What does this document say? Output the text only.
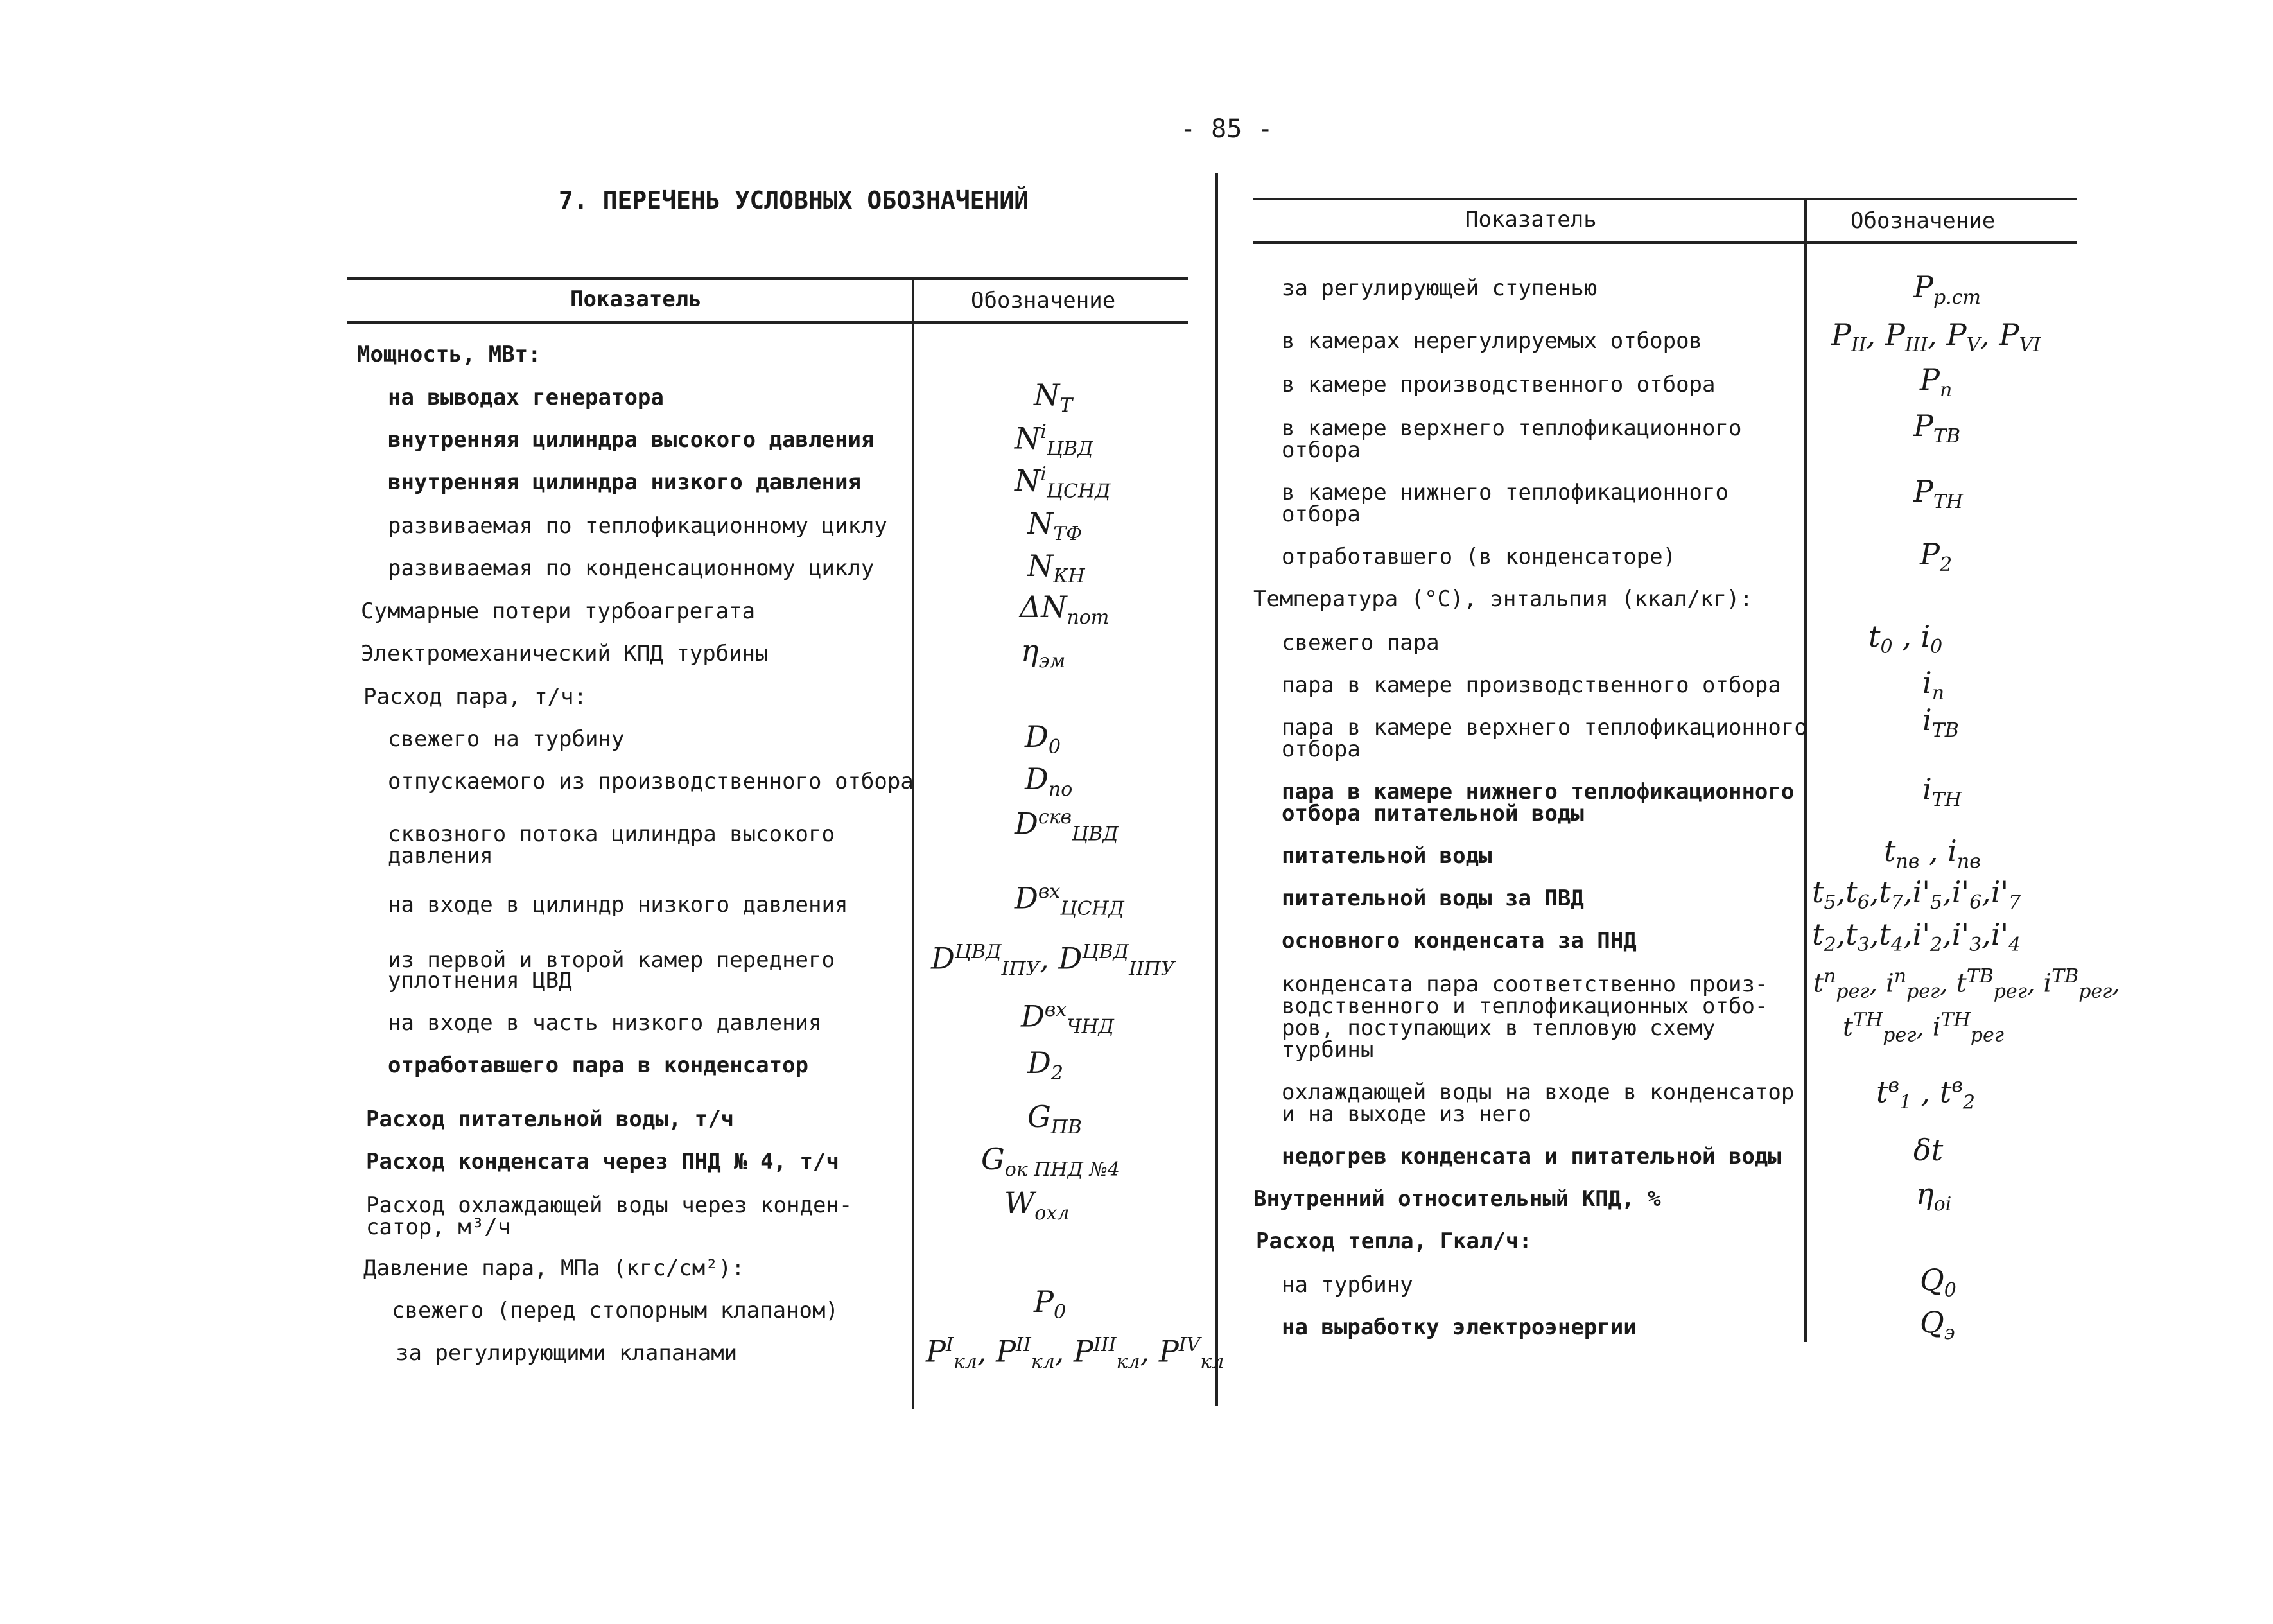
- 85 -
7. ПЕРЕЧЕНЬ УСЛОВНЫХ ОБОЗНАЧЕНИЙ
Показатель	Обозначение
Мощность, МВт:
на выводах генератора
внутренняя цилиндра высокого давления
внутренняя цилиндра низкого давления
развиваемая по теплофикационному циклу
развиваемая по конденсационному циклу
Суммарные потери турбоагрегата
Электромеханический КПД турбины
Расход пара, т/ч:
свежего на турбину
отпускаемого из производственного отбора
сквозного потока цилиндра высокого
давления
на входе в цилиндр низкого давления
из первой и второй камер переднего
уплотнения ЦВД
на входе в часть низкого давления
отработавшего пара в конденсатор
Расход питательной воды, т/ч
Расход конденсата через ПНД № 4, т/ч
Расход охлаждающей воды через конден-
сатор, м³/ч
Давление пара, МПа (кгс/см²):
свежего (перед стопорным клапаном)
за регулирующими клапанами
$N_T$
$N^i_{ЦВД}$
$N^i_{ЦСНД}$
$N_{ТФ}$
$N_{КН}$
$\Delta N_{пот}$
$\eta_{эм}$
$D_0$
$D_{по}$
$D^{скв}_{ЦВД}$
$D^{вх}_{ЦСНД}$
$D^{ЦВД}_{IПУ}$, $D^{ЦВД}_{IIПУ}$
$D^{вх}_{ЧНД}$
$D_2$
$G_{ПВ}$
$G_{ок ПНД №4}$
$W_{охл}$
$P_0$
$P^I_{кл}$, $P^{II}_{кл}$, $P^{III}_{кл}$, $P^{IV}_{кл}$
Показатель	Обозначение
за регулирующей ступенью
в камерах нерегулируемых отборов
в камере производственного отбора
в камере верхнего теплофикационного
отбора
в камере нижнего теплофикационного
отбора
отработавшего (в конденсаторе)
Температура (°С), энтальпия (ккал/кг):
свежего пара
пара в камере производственного отбора
пара в камере верхнего теплофикационного
отбора
пара в камере нижнего теплофикационного
отбора питательной воды
питательной воды
питательной воды за ПВД
основного конденсата за ПНД
конденсата пара соответственно произ-
водственного и теплофикационных отбо-
ров, поступающих в тепловую схему
турбины
охлаждающей воды на входе в конденсатор
и на выходе из него
недогрев конденсата и питательной воды
Внутренний относительный КПД, %
Расход тепла, Гкал/ч:
на турбину
на выработку электроэнергии
$P_{р.ст}$
$P_{II}$, $P_{III}$, $P_V$, $P_{VI}$
$P_п$
$P_{ТВ}$
$P_{ТН}$
$P_2$
$t_0$ , $i_0$
$i_п$
$i_{ТВ}$
$i_{ТН}$
$t_{пв}$ , $i_{пв}$
$t_5,t_6,t_7,i'_5,i'_6,i'_7$
$t_2,t_3,t_4,i'_2,i'_3,i'_4$
$t^п_{рег}$, $i^п_{рег}$, $t^{ТВ}_{рег}$, $i^{ТВ}_{рег}$,
$t^{ТН}_{рег}$, $i^{ТН}_{рег}$
$t^в_1$ , $t^в_2$
δt
$\eta_{oi}$
$Q_0$
$Q_э$
